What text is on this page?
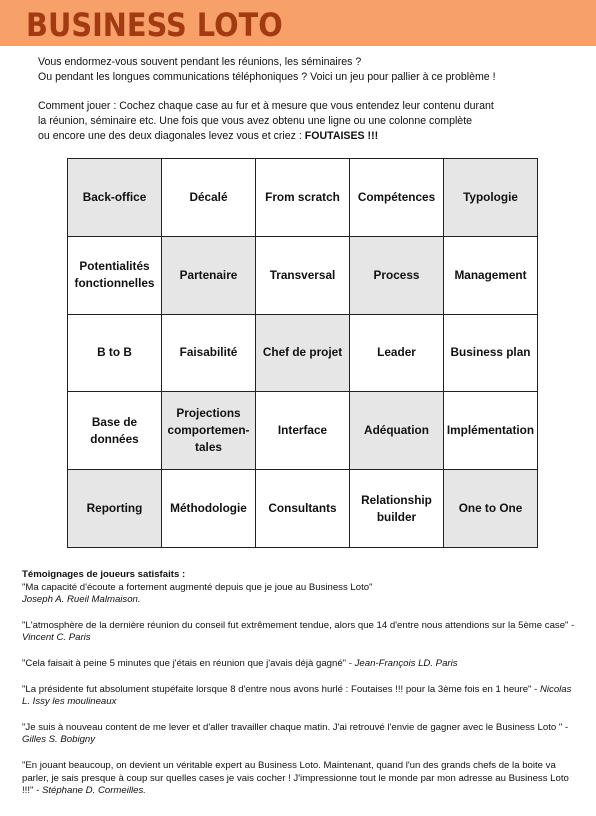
BUSINESS LOTO

Vous endormez-vous souvent pendant les réunions, les séminaires ?

Ou pendant les longues communications téléphoniques ? Voici un jeu pour pallier à ce problème !

Comment jouer : Cochez chaque case au fur et à mesure que vous entendez leur contenu durant

la réunion, séminaire etc. Une fois que vous avez obtenu une ligne ou une colonne complète

ou encore une des deux diagonales levez vous et criez : FOUTAISES !!!

Back-office	Décalé	From scratch	Compétences	Typologie
Potentialités fonctionnelles	Partenaire	Transversal	Process	Management
B to B	Faisabilité	Chef de projet	Leader	Business plan
Base de données	Projections comportemen-tales	Interface	Adéquation	Implémentation
Reporting	Méthodologie	Consultants	Relationship builder	One to One

Témoignages de joueurs satisfaits :

"Ma capacité d'écoute a fortement augmenté depuis que je joue au Business Loto"
Joseph A. Rueil Malmaison.

"L'atmosphère de la dernière réunion du conseil fut extrêmement tendue, alors que 14 d'entre nous attendions sur la 5ème case" - Vincent C. Paris

"Cela faisait à peine 5 minutes que j'étais en réunion que j'avais déjà gagné" - Jean-François LD. Paris

"La présidente fut absolument stupéfaite lorsque 8 d'entre nous avons hurlé : Foutaises !!! pour la 3ème fois en 1 heure" - Nicolas L. Issy les moulineaux

"Je suis à nouveau content de me lever et d'aller travailler chaque matin. J'ai retrouvé l'envie de gagner avec le Business Loto " - Gilles S. Bobigny

"En jouant beaucoup, on devient un véritable expert au Business Loto. Maintenant, quand l'un des grands chefs de la boite va parler, je sais presque à coup sur quelles cases je vais cocher ! J'impressionne tout le monde par mon adresse au Business Loto !!!" - Stéphane D. Cormeilles.
